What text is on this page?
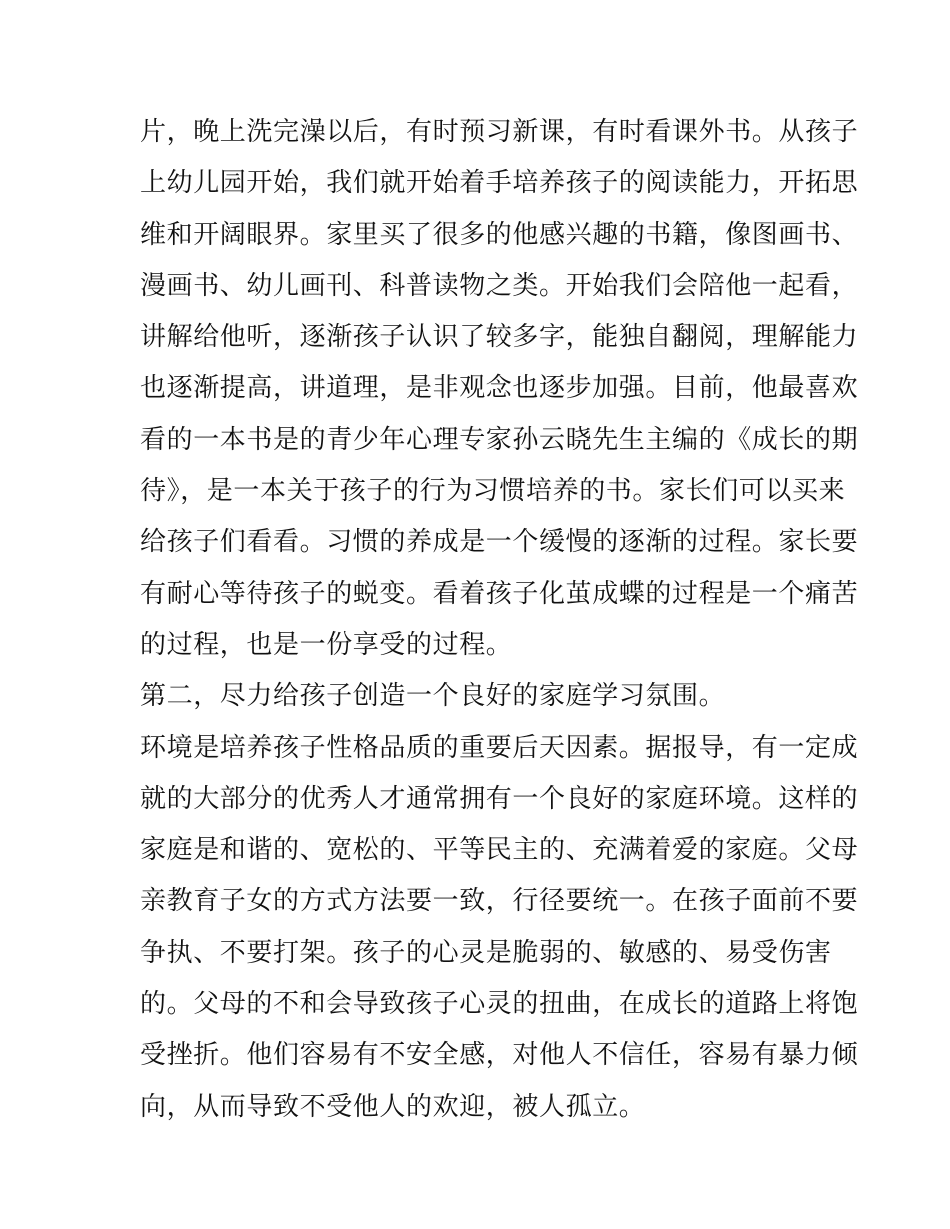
片，晚上洗完澡以后，有时预习新课，有时看课外书。从孩子
上幼儿园开始，我们就开始着手培养孩子的阅读能力，开拓思
维和开阔眼界。家里买了很多的他感兴趣的书籍，像图画书、
漫画书、幼儿画刊、科普读物之类。开始我们会陪他一起看，
讲解给他听，逐渐孩子认识了较多字，能独自翻阅，理解能力
也逐渐提高，讲道理，是非观念也逐步加强。目前，他最喜欢
看的一本书是的青少年心理专家孙云晓先生主编的《成长的期
待》，是一本关于孩子的行为习惯培养的书。家长们可以买来
给孩子们看看。习惯的养成是一个缓慢的逐渐的过程。家长要
有耐心等待孩子的蜕变。看着孩子化茧成蝶的过程是一个痛苦
的过程，也是一份享受的过程。
第二，尽力给孩子创造一个良好的家庭学习氛围。
环境是培养孩子性格品质的重要后天因素。据报导，有一定成
就的大部分的优秀人才通常拥有一个良好的家庭环境。这样的
家庭是和谐的、宽松的、平等民主的、充满着爱的家庭。父母
亲教育子女的方式方法要一致，行径要统一。在孩子面前不要
争执、不要打架。孩子的心灵是脆弱的、敏感的、易受伤害
的。父母的不和会导致孩子心灵的扭曲，在成长的道路上将饱
受挫折。他们容易有不安全感，对他人不信任，容易有暴力倾
向，从而导致不受他人的欢迎，被人孤立。
